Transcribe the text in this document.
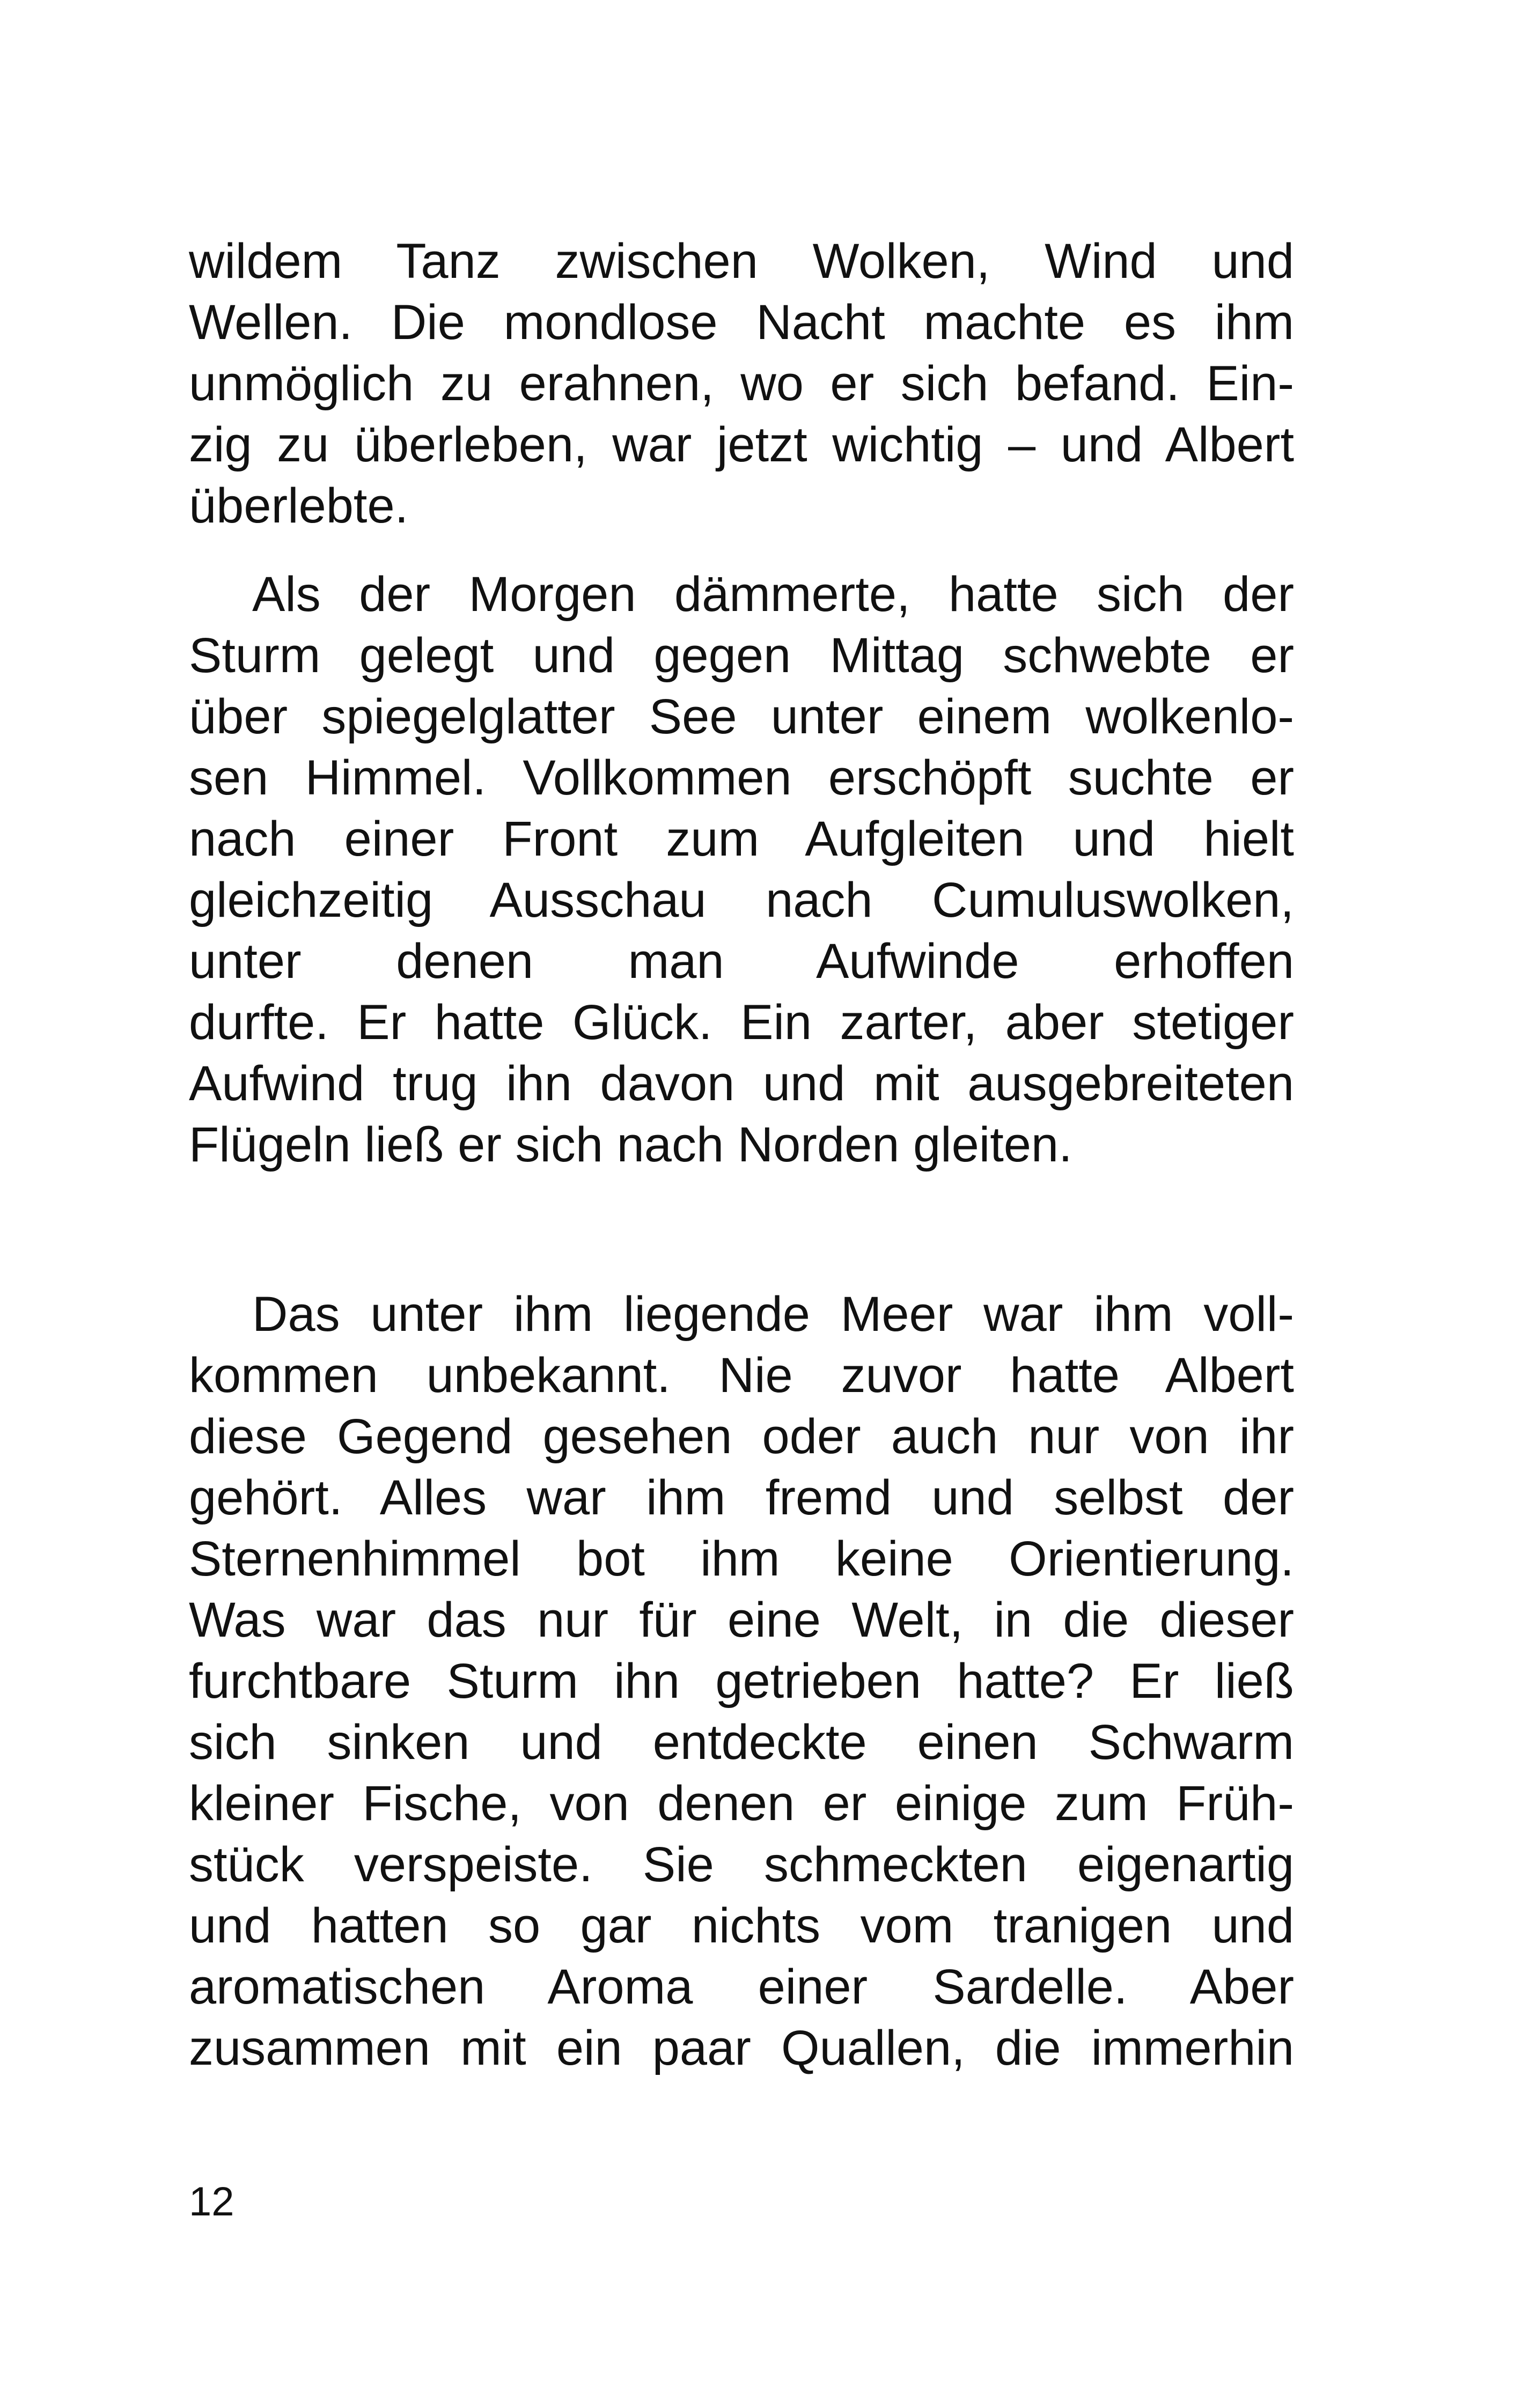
wildem Tanz zwischen Wolken, Wind und
Wellen. Die mondlose Nacht machte es ihm
unmöglich zu erahnen, wo er sich befand. Ein-
zig zu überleben, war jetzt wichtig – und Albert
überlebte.
Als der Morgen dämmerte, hatte sich der
Sturm gelegt und gegen Mittag schwebte er
über spiegelglatter See unter einem wolkenlo-
sen Himmel. Vollkommen erschöpft suchte er
nach einer Front zum Aufgleiten und hielt
gleichzeitig Ausschau nach Cumuluswolken,
unter denen man Aufwinde erhoffen
durfte. Er hatte Glück. Ein zarter, aber stetiger
Aufwind trug ihn davon und mit ausgebreiteten
Flügeln ließ er sich nach Norden gleiten.
Das unter ihm liegende Meer war ihm voll-
kommen unbekannt. Nie zuvor hatte Albert
diese Gegend gesehen oder auch nur von ihr
gehört. Alles war ihm fremd und selbst der
Sternenhimmel bot ihm keine Orientierung.
Was war das nur für eine Welt, in die dieser
furchtbare Sturm ihn getrieben hatte? Er ließ
sich sinken und entdeckte einen Schwarm
kleiner Fische, von denen er einige zum Früh-
stück verspeiste. Sie schmeckten eigenartig
und hatten so gar nichts vom tranigen und
aromatischen Aroma einer Sardelle. Aber
zusammen mit ein paar Quallen, die immerhin
12
